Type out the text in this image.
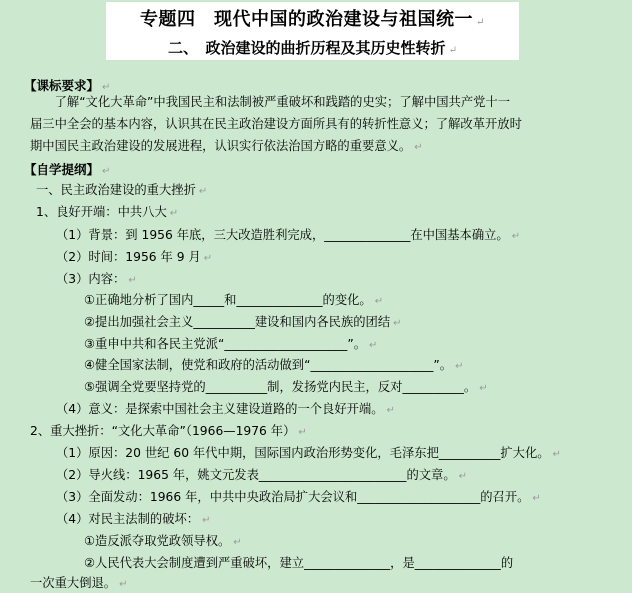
专题四　现代中国的政治建设与祖国统一 ↵
二、　政治建设的曲折历程及其历史性转折 ↵
【课标要求】 ↵
　　了解“文化大革命”中我国民主和法制被严重破坏和践踏的史实；了解中国共产党十一
届三中全会的基本内容，认识其在民主政治建设方面所具有的转折性意义；了解改革开放时
期中国民主政治建设的发展进程，认识实行依法治国方略的重要意义。 ↵
【自学提纲】 ↵
一、民主政治建设的重大挫折 ↵
1、良好开端：中共八大 ↵
（1）背景：到 1956 年底，三大改造胜利完成，______________在中国基本确立。 ↵
（2）时间：1956 年 9 月 ↵
（3）内容： ↵
①正确地分析了国内_____和______________的变化。 ↵
②提出加强社会主义__________建设和国内各民族的团结 ↵
③重申中共和各民主党派“____________________”。 ↵
④健全国家法制，使党和政府的活动做到“____________________”。 ↵
⑤强调全党要坚持党的__________制，发扬党内民主，反对__________。 ↵
（4）意义：是探索中国社会主义建设道路的一个良好开端。 ↵
2、重大挫折：“文化大革命”（1966—1976 年） ↵
（1）原因：20 世纪 60 年代中期，国际国内政治形势变化，毛泽东把__________扩大化。 ↵
（2）导火线：1965 年，姚文元发表________________________的文章。 ↵
（3）全面发动：1966 年，中共中央政治局扩大会议和____________________的召开。 ↵
（4）对民主法制的破坏： ↵
①造反派夺取党政领导权。 ↵
②人民代表大会制度遭到严重破坏，建立______________，是______________的
一次重大倒退。 ↵
